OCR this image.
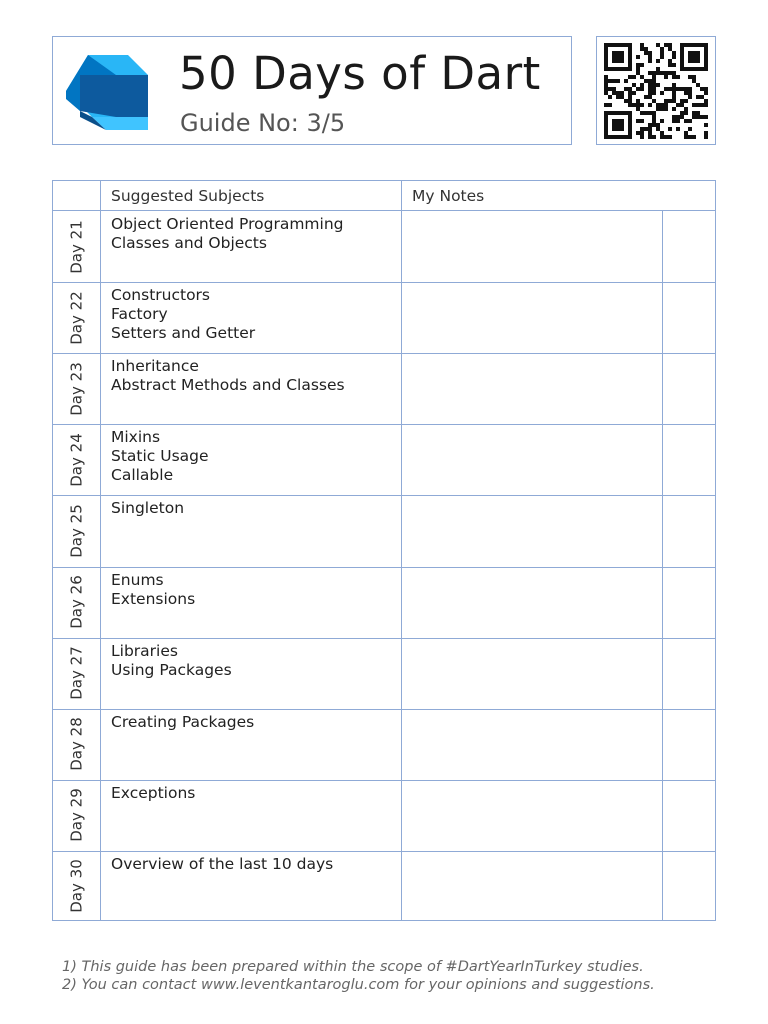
50 Days of Dart
Guide No: 3/5
Suggested Subjects	My Notes
Day 21 Object Oriented Programming
Classes and Objects
Day 22 Constructors
Factory
Setters and Getter
Day 23 Inheritance
Abstract Methods and Classes
Day 24 Mixins
Static Usage
Callable
Day 25 Singleton
Day 26 Enums
Extensions
Day 27 Libraries
Using Packages
Day 28 Creating Packages
Day 29 Exceptions
Day 30 Overview of the last 10 days
1) This guide has been prepared within the scope of #DartYearInTurkey studies.
2) You can contact www.leventkantaroglu.com for your opinions and suggestions.
